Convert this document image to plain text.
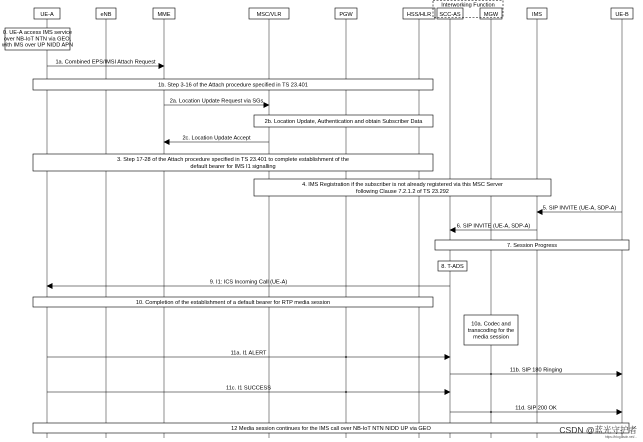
UE-A	eNB	MME	MSC/VLR	PGW	HSS/HLR SCC-AS	MGW	IMS	UE-B
Interworking Function
1b. Step 3-16 of the Attach procedure specified in TS 23.401
2b. Location Update, Authentication and obtain Subscriber Data
3. Step 17-28 of the Attach procedure specified in TS 23.401 to complete establishment of the
default bearer for IMS I1 signalling
4. IMS Registration if the subscriber is not already registered via this MSC Server
following Clause 7.2.1.2 of TS 23.292
7. Session Progress
8. T-ADS
10. Completion of the establishment of a default bearer for RTP media session
10a. Codec and
transcoding for the
media session
12 Media session continues for the IMS call over NB-IoT NTN NIDD UP via GEO
0. UE-A access IMS service
over NB-IoT NTN via GEO,
with IMS over UP NIDD APN
1a. Combined EPS/IMSI Attach Request
2a. Location Update Request via SGs
2c. Location Update Accept
5. SIP INVITE (UE-A, SDP-A)
6. SIP INVITE (UE-A, SDP-A)
9. I1: ICS Incoming Call (UE-A)
11a. I1 ALERT
11b. SIP 180 Ringing
11c. I1 SUCCESS
11d. SIP 200 OK
CSDN @蓝光守护者
https://blog.csdn.net/...
